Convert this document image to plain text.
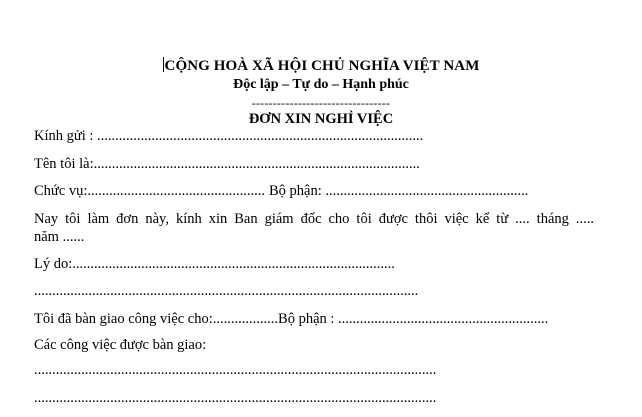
CỘNG HOÀ XÃ HỘI CHỦ NGHĨA VIỆT NAM
Độc lập – Tự do – Hạnh phúc
---------------------------------
ĐƠN XIN NGHỈ VIỆC
Kính gửi : ..........................................................................................
Tên tôi là:..........................................................................................
Chức vụ:................................................. Bộ phận: ........................................................
Nay tôi làm đơn này, kính xin Ban giám đốc cho tôi được thôi việc kể từ .... tháng .....
năm ......
Lý do:.........................................................................................
..........................................................................................................
Tôi đã bàn giao công việc cho:..................Bộ phận : ..........................................................
Các công việc được bàn giao:
...............................................................................................................
...............................................................................................................
